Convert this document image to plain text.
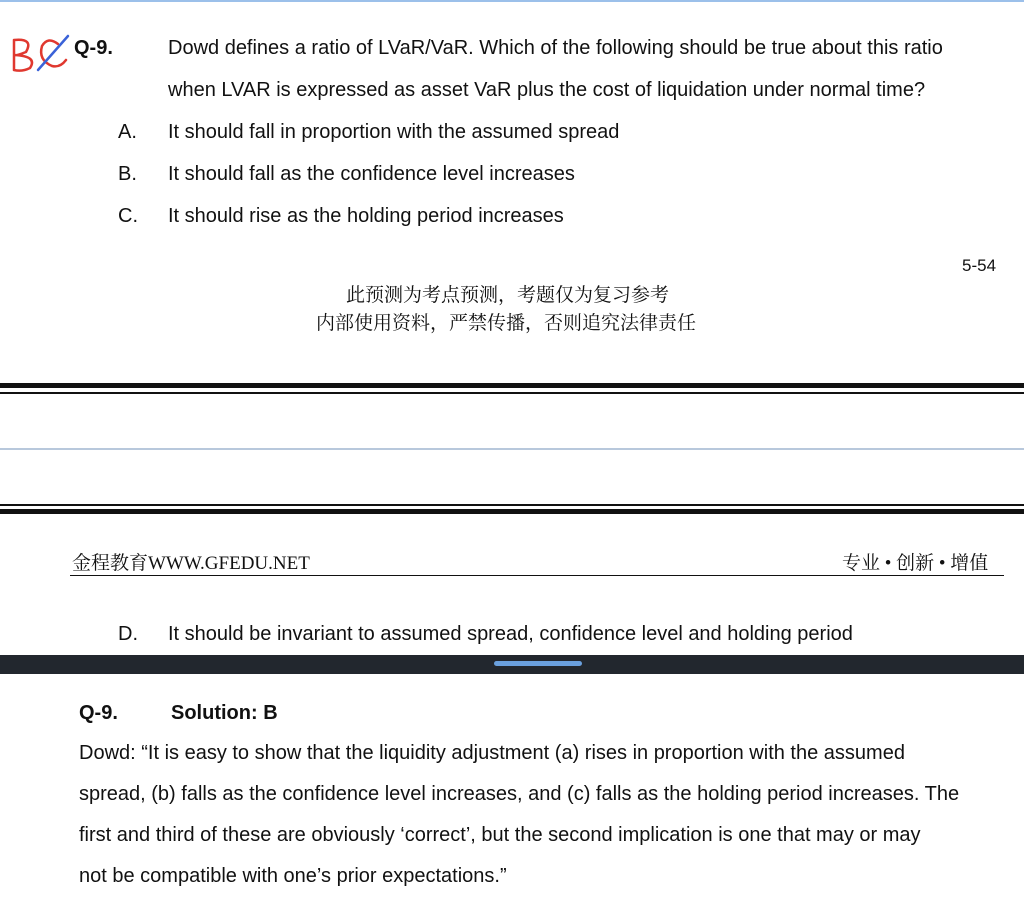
Q-9.	Dowd defines a ratio of LVaR/VaR. Which of the following should be true about this ratio
when LVAR is expressed as asset VaR plus the cost of liquidation under normal time?
A. It should fall in proportion with the assumed spread
B. It should fall as the confidence level increases
C. It should rise as the holding period increases
5-54
此预测为考点预测，考题仅为复习参考
内部使用资料，严禁传播，否则追究法律责任
金程教育WWW.GFEDU.NET	专业 • 创新 • 增值
D. It should be invariant to assumed spread, confidence level and holding period
Q-9.	Solution: B
Dowd: “It is easy to show that the liquidity adjustment (a) rises in proportion with the assumed
spread, (b) falls as the confidence level increases, and (c) falls as the holding period increases. The
first and third of these are obviously ‘correct’, but the second implication is one that may or may
not be compatible with one’s prior expectations.”
